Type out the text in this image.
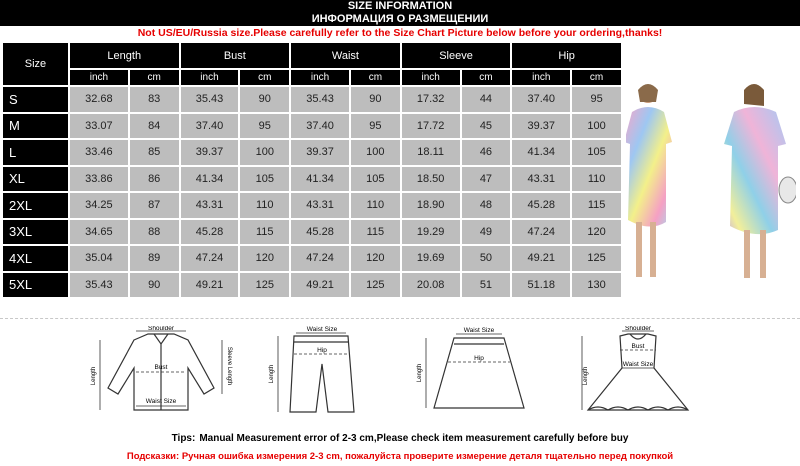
SIZE INFORMATION
ИНФОРМАЦИЯ О РАЗМЕЩЕНИИ
Not US/EU/Russia size.Please carefully refer to the Size Chart Picture below before your ordering,thanks!
Size	Length		Bust		Waist		Sleeve		Hip	
	inch	cm	inch	cm	inch	cm	inch	cm	inch	cm
S	32.68	83	35.43	90	35.43	90	17.32	44	37.40	95
M	33.07	84	37.40	95	37.40	95	17.72	45	39.37	100
L	33.46	85	39.37	100	39.37	100	18.11	46	41.34	105
XL	33.86	86	41.34	105	41.34	105	18.50	47	43.31	110
2XL	34.25	87	43.31	110	43.31	110	18.90	48	45.28	115
3XL	34.65	88	45.28	115	45.28	115	19.29	49	47.24	120
4XL	35.04	89	47.24	120	47.24	120	19.69	50	49.21	125
5XL	35.43	90	49.21	125	49.21	125	20.08	51	51.18	130
Shoulder
Bust
Waist Size
Length	Sleeve Length
Waist Size
Hip
Length
Waist Size
Hip
Length
Shoulder
Bust
Waist Size
Length
Tips: Manual Measurement error of 2-3 cm,Please check item measurement carefully before buy
Подсказки: Ручная ошибка измерения 2-3 cm, пожалуйста проверите измерение деталя тщательно перед покупкой
